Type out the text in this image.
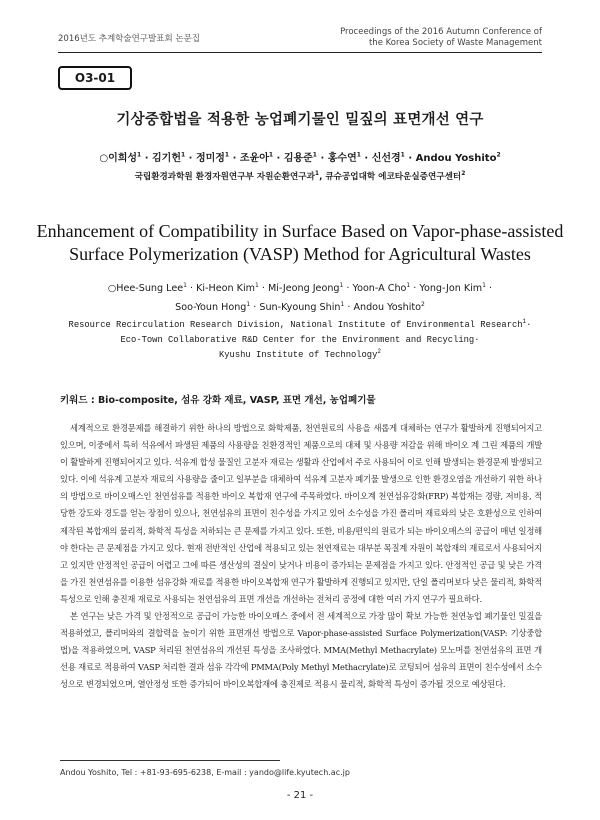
2016년도 추계학술연구발표회 논문집
Proceedings of the 2016 Autumn Conference of
the Korea Society of Waste Management
O3-01
기상중합법을 적용한 농업폐기물인 밀짚의 표면개선 연구
○이희성$^1$ · 김기헌$^1$ · 정미정$^1$ · 조윤아$^1$ · 김용준$^1$ · 홍수연$^1$ · 신선경$^1$ · Andou Yoshito$^2$
국립환경과학원 환경자원연구부 자원순환연구과$^1$, 큐슈공업대학 에코타운실증연구센터$^2$
Enhancement of Compatibility in Surface Based on Vapor-phase-assisted
Surface Polymerization (VASP) Method for Agricultural Wastes
○Hee-Sung Lee$^1$ · Ki-Heon Kim$^1$ · Mi-Jeong Jeong$^1$ · Yoon-A Cho$^1$ · Yong-Jon Kim$^1$ ·
Soo-Youn Hong$^1$ · Sun-Kyoung Shin$^1$ · Andou Yoshito$^2$
Resource Recirculation Research Division, National Institute of Environmental Research$^1$·
Eco-Town Collaborative R&D Center for the Environment and Recycling·
Kyushu Institute of Technology$^2$
키워드 : Bio-composite, 섬유 강화 재료, VASP, 표면 개선, 농업폐기물

세계적으로 환경문제를 해결하기 위한 하나의 방법으로 화학제품, 천연원료의 사용을 새롭게 대체하는 연구가 활발하게 진행되어지고 있으며, 이중에서 특히 석유에서 파생된 제품의 사용량을 친환경적인 제품으로의 대체 및 사용량 저감을 위해 바이오 계 그린 제품의 개발이 활발하게 진행되어지고 있다. 석유계 합성 물질인 고분자 재료는 생활과 산업에서 주로 사용되어 이로 인해 발생되는 환경문제 발생되고 있다. 이에 석유계 고분자 재료의 사용량을 줄이고 일부분을 대체하여 석유계 고분자 폐기물 발생으로 인한 환경오염을 개선하기 위한 하나의 방법으로 바이오매스인 천연섬유를 적용한 바이오 복합재 연구에 주목하였다. 바이오계 천연섬유강화(FRP) 복합재는 경량, 저비용, 적당한 강도와 경도를 얻는 장점이 있으나, 천연섬유의 표면이 친수성을 가지고 있어 소수성을 가진 폴리머 재료와의 낮은 호환성으로 인하여 제작된 복합재의 물리적, 화학적 특성을 저하되는 큰 문제를 가지고 있다. 또한, 비용/편익의 원료가 되는 바이오매스의 공급이 매년 일정해야 한다는 큰 문제점을 가지고 있다. 현재 전반적인 산업에 적용되고 있는 천연재료는 대부분 목질계 자원이 복합재의 재료로서 사용되어지고 있지만 안정적인 공급이 어렵고 그에 따른 생산성의 결실이 낮거나 비용이 증가되는 문제점을 가지고 있다. 안정적인 공급 및 낮은 가격을 가진 천연섬유를 이용한 섬유강화 재료를 적용한 바이오복합재 연구가 활발하게 진행되고 있지만, 단일 폴리머보다 낮은 물리적, 화학적 특성으로 인해 충진재 재료로 사용되는 천연섬유의 표면 개선을 개선하는 전처리 공정에 대한 여러 가지 연구가 필요하다.

본 연구는 낮은 가격 및 안정적으로 공급이 가능한 바이오매스 중에서 전 세계적으로 가장 많이 확보 가능한 천연농업 폐기물인 밀짚을 적용하였고, 폴리머와의 결합력을 높이기 위한 표면개선 방법으로 Vapor-phase-assisted Surface Polymerization(VASP: 기상중합법)을 적용하였으며, VASP 처리된 천연섬유의 개선된 특성을 조사하였다. MMA(Methyl Methacrylate) 모노머를 천연섬유의 표면 개선용 재료로 적용하여 VASP 처리한 결과 섬유 각각에 PMMA(Poly Methyl Methacrylate)로 코팅되어 섬유의 표면이 친수성에서 소수성으로 변경되었으며, 열안정성 또한 증가되어 바이오복합재에 충진제로 적용시 물리적, 화학적 특성이 증가될 것으로 예상된다.

Andou Yoshito, Tel : +81-93-695-6238, E-mail : yando@life.kyutech.ac.jp
- 21 -
